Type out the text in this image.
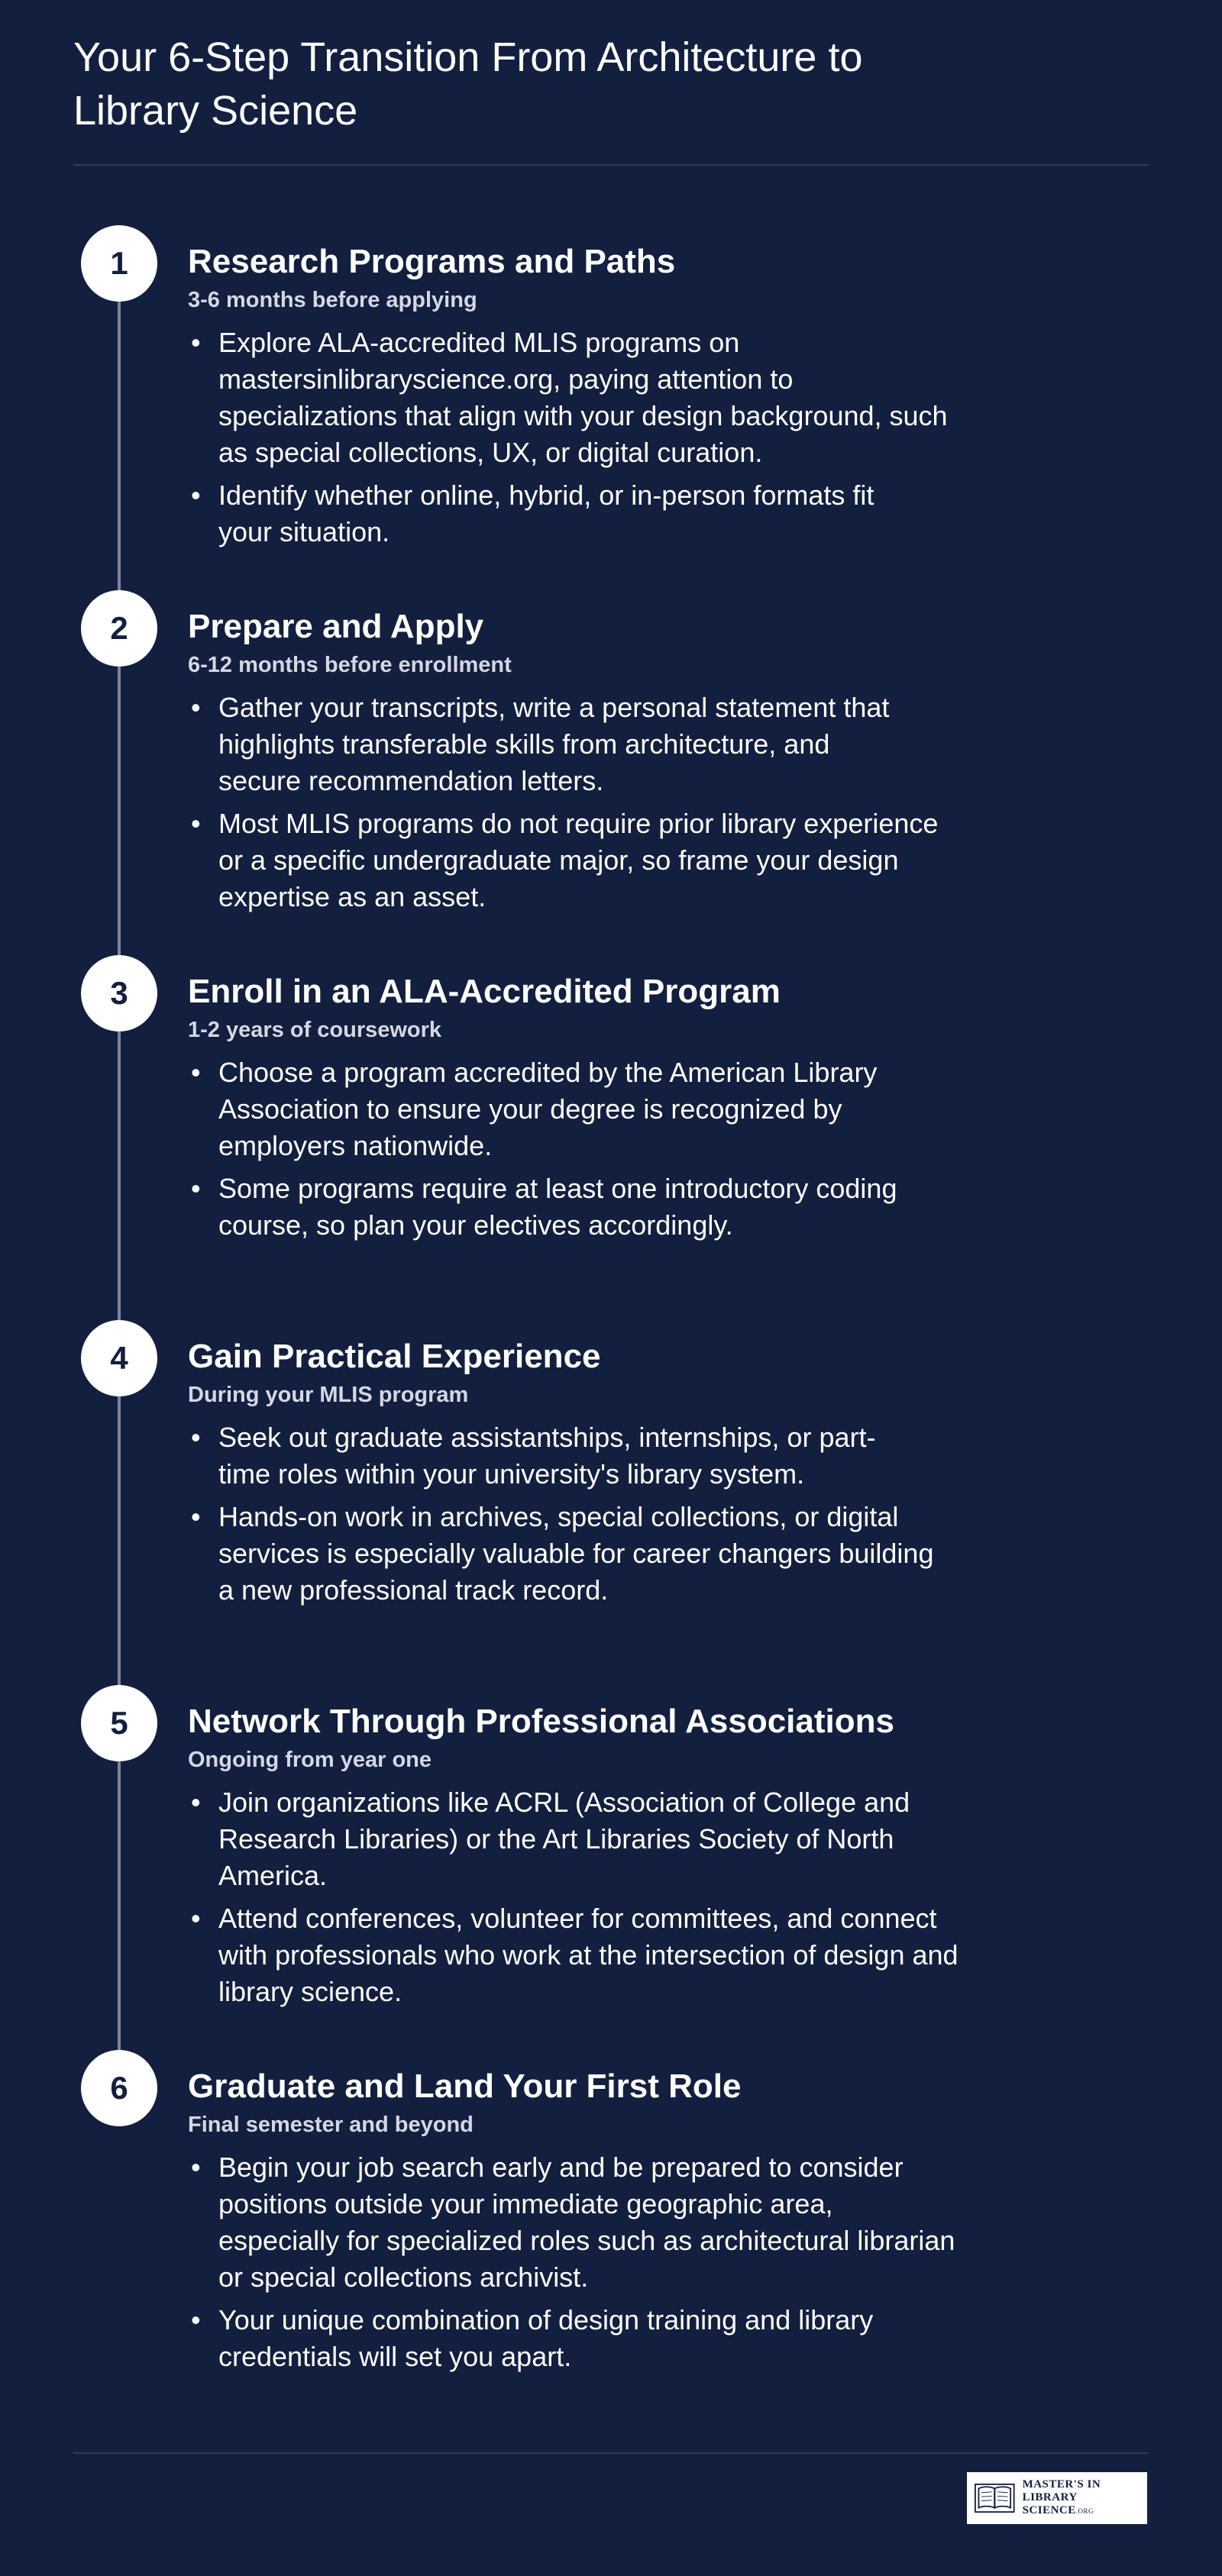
Your 6-Step Transition From Architecture to Library Science
1	Research Programs and Paths
3-6 months before applying
• Explore ALA-accredited MLIS programs on mastersinlibraryscience.org, paying attention to specializations that align with your design background, such as special collections, UX, or digital curation.
• Identify whether online, hybrid, or in-person formats fit your situation.
2	Prepare and Apply
6-12 months before enrollment
• Gather your transcripts, write a personal statement that highlights transferable skills from architecture, and secure recommendation letters.
• Most MLIS programs do not require prior library experience or a specific undergraduate major, so frame your design expertise as an asset.
3	Enroll in an ALA-Accredited Program
1-2 years of coursework
• Choose a program accredited by the American Library Association to ensure your degree is recognized by employers nationwide.
• Some programs require at least one introductory coding course, so plan your electives accordingly.
4	Gain Practical Experience
During your MLIS program
• Seek out graduate assistantships, internships, or part-time roles within your university's library system.
• Hands-on work in archives, special collections, or digital services is especially valuable for career changers building a new professional track record.
5	Network Through Professional Associations
Ongoing from year one
• Join organizations like ACRL (Association of College and Research Libraries) or the Art Libraries Society of North America.
• Attend conferences, volunteer for committees, and connect with professionals who work at the intersection of design and library science.
6	Graduate and Land Your First Role
Final semester and beyond
• Begin your job search early and be prepared to consider positions outside your immediate geographic area, especially for specialized roles such as architectural librarian or special collections archivist.
• Your unique combination of design training and library credentials will set you apart.
MASTER'S IN
LIBRARY SCIENCE.ORG
